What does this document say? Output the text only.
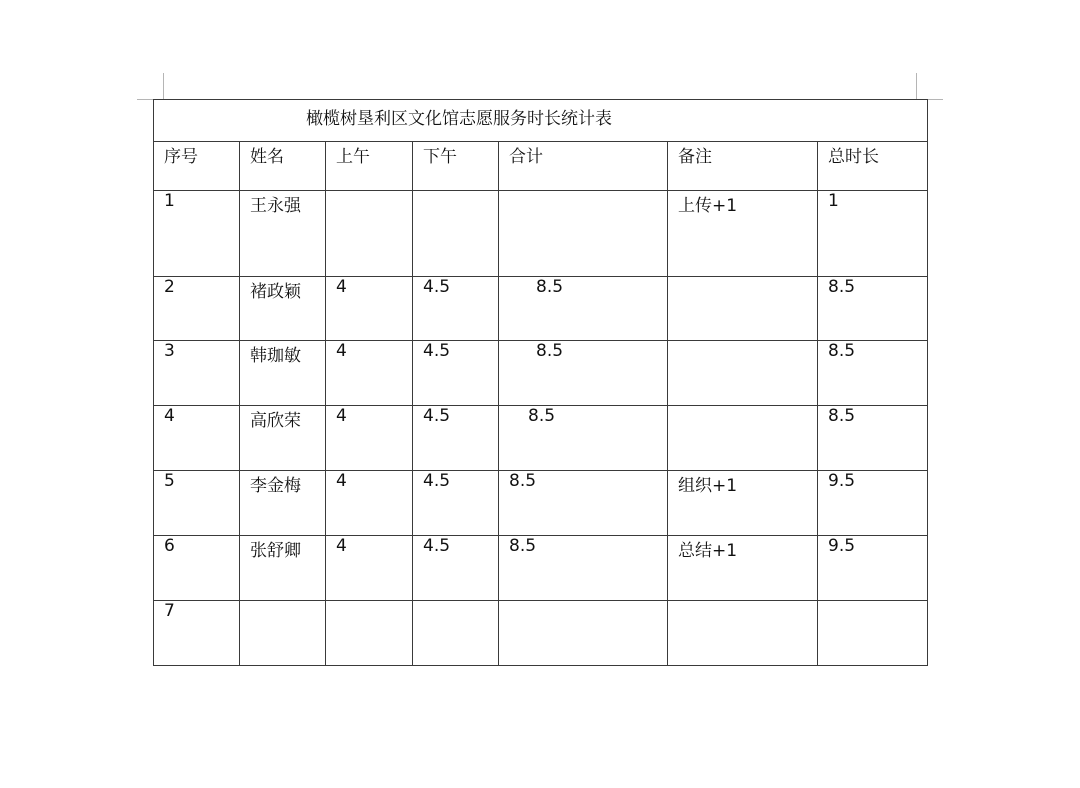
橄榄树垦利区文化馆志愿服务时长统计表						
序号	姓名	上午	下午	合计	备注	总时长
1	王永强				上传+1	1
2	褚政颖	4	4.5	8.5		8.5
3	韩珈敏	4	4.5	8.5		8.5
4	高欣荣	4	4.5	8.5		8.5
5	李金梅	4	4.5	8.5	组织+1	9.5
6	张舒卿	4	4.5	8.5	总结+1	9.5
7						
